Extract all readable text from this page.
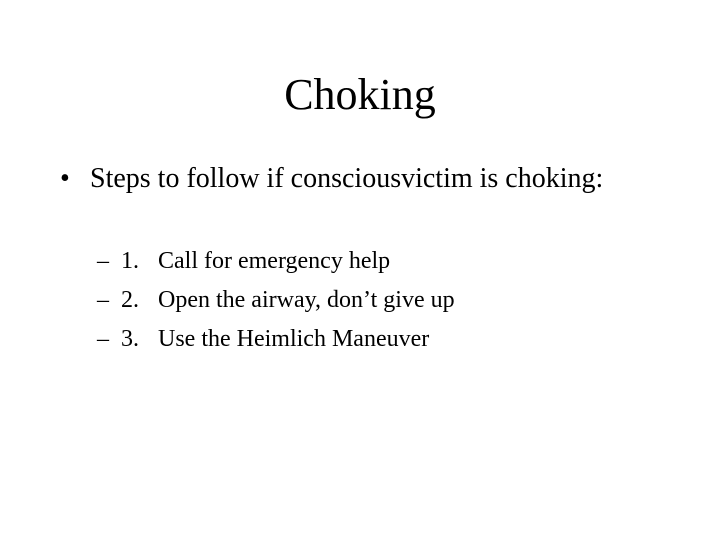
Choking
• Steps to follow if consciousvictim is choking:
– 1. Call for emergency help
– 2. Open the airway, don’t give up
– 3. Use the Heimlich Maneuver
